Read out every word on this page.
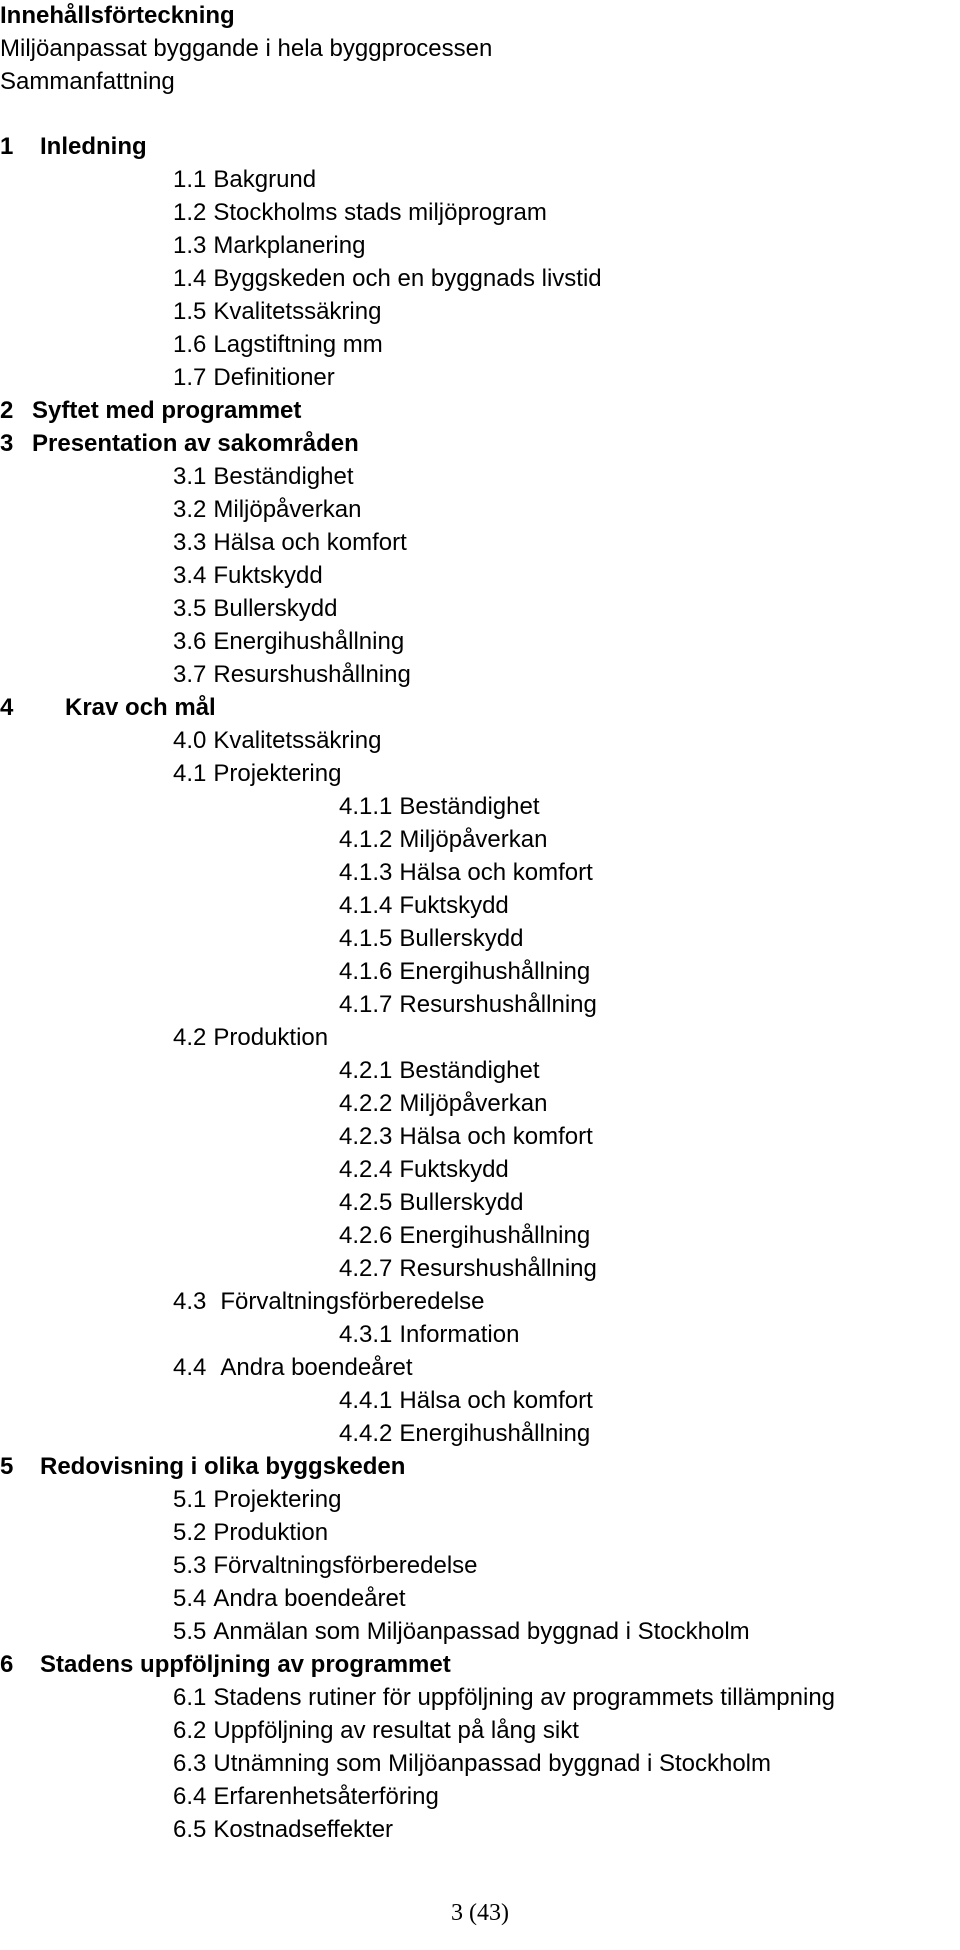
Innehållsförteckning
Miljöanpassat byggande i hela byggprocessen
Sammanfattning
1 Inledning
1.1 Bakgrund
1.2 Stockholms stads miljöprogram
1.3 Markplanering
1.4 Byggskeden och en byggnads livstid
1.5 Kvalitetssäkring
1.6 Lagstiftning mm
1.7 Definitioner
2 Syftet med programmet
3 Presentation av sakområden
3.1 Beständighet
3.2 Miljöpåverkan
3.3 Hälsa och komfort
3.4 Fuktskydd
3.5 Bullerskydd
3.6 Energihushållning
3.7 Resurshushållning
4 Krav och mål
4.0 Kvalitetssäkring
4.1 Projektering
4.1.1 Beständighet
4.1.2 Miljöpåverkan
4.1.3 Hälsa och komfort
4.1.4 Fuktskydd
4.1.5 Bullerskydd
4.1.6 Energihushållning
4.1.7 Resurshushållning
4.2 Produktion
4.2.1 Beständighet
4.2.2 Miljöpåverkan
4.2.3 Hälsa och komfort
4.2.4 Fuktskydd
4.2.5 Bullerskydd
4.2.6 Energihushållning
4.2.7 Resurshushållning
4.3 Förvaltningsförberedelse
4.3.1 Information
4.4 Andra boendeåret
4.4.1 Hälsa och komfort
4.4.2 Energihushållning
5 Redovisning i olika byggskeden
5.1 Projektering
5.2 Produktion
5.3 Förvaltningsförberedelse
5.4 Andra boendeåret
5.5 Anmälan som Miljöanpassad byggnad i Stockholm
6 Stadens uppföljning av programmet
6.1 Stadens rutiner för uppföljning av programmets tillämpning
6.2 Uppföljning av resultat på lång sikt
6.3 Utnämning som Miljöanpassad byggnad i Stockholm
6.4 Erfarenhetsåterföring
6.5 Kostnadseffekter
3 (43)
